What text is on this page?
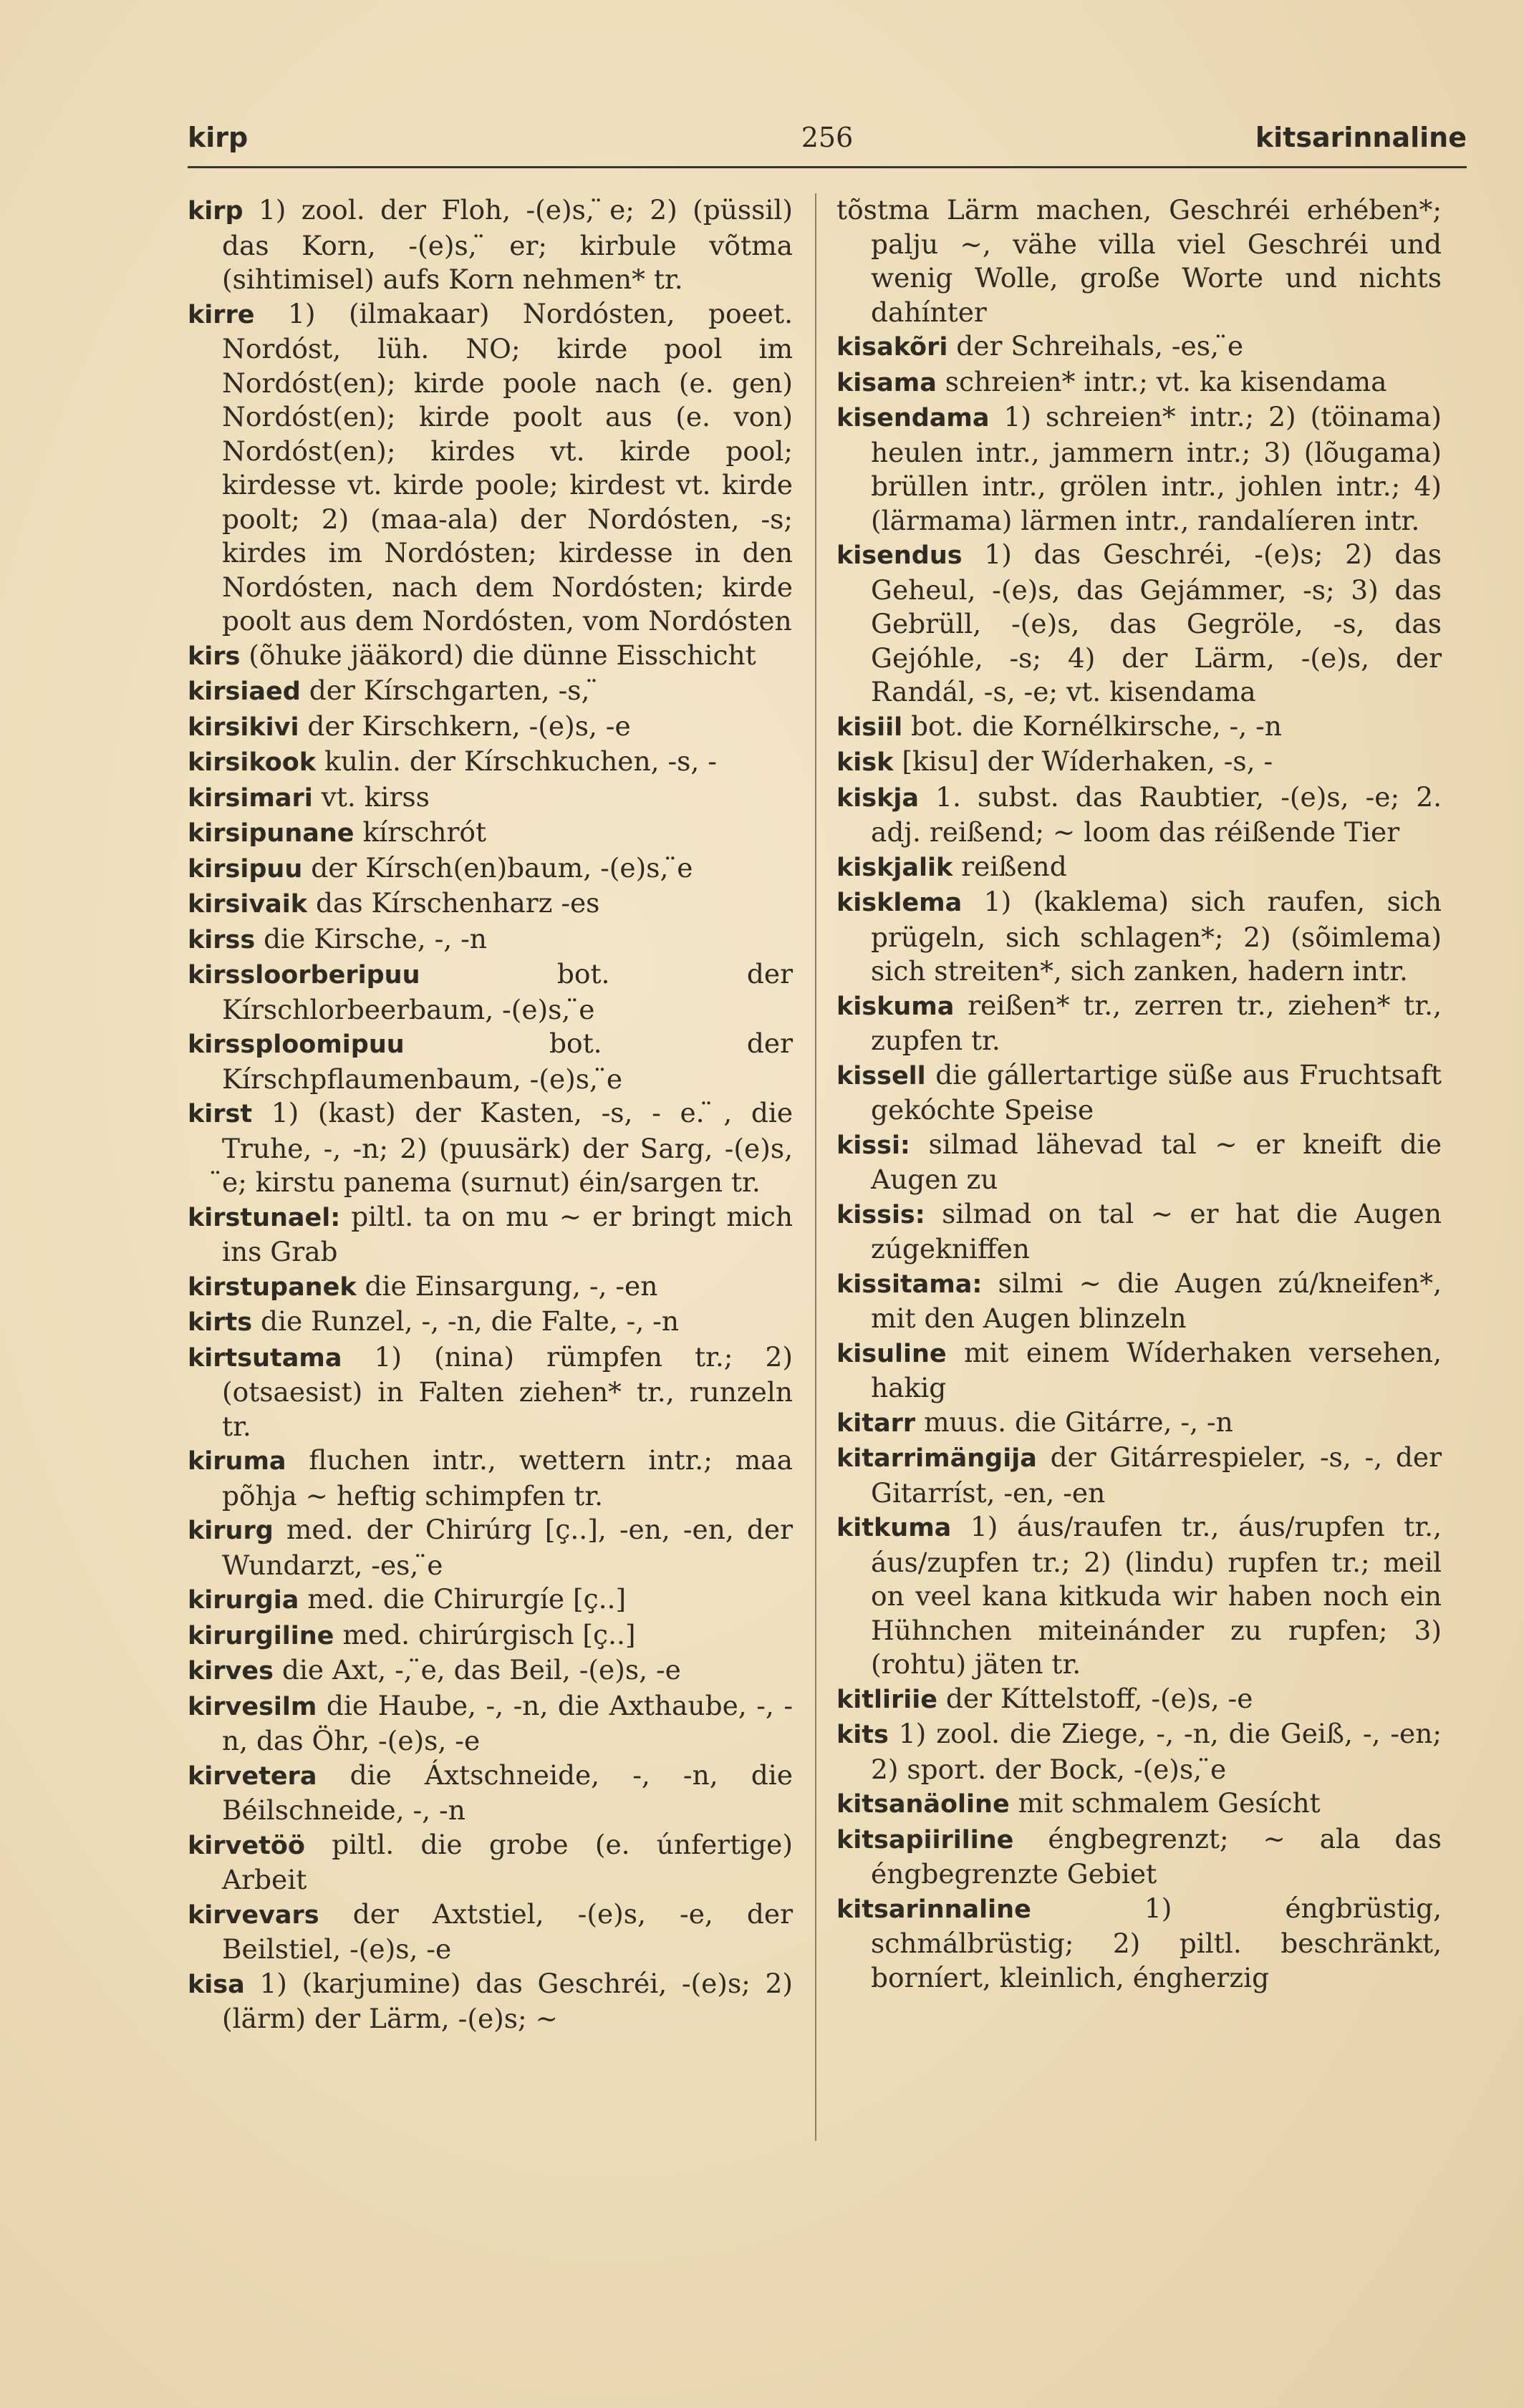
kirp	256	kitsarinnaline

kirp 1) zool. der Floh, -(e)s, ̈e; 2) (püssil) das Korn, -(e)s, ̈er; kirbule võtma (sihtimisel) aufs Korn nehmen* tr.

kirre 1) (ilmakaar) Nordósten, poeet. Nordóst, lüh. NO; kirde pool im Nordóst(en); kirde poole nach (e. gen) Nordóst(en); kirde poolt aus (e. von) Nordóst(en); kirdes vt. kirde pool; kirdesse vt. kirde poole; kirdest vt. kirde poolt; 2) (maa-ala) der Nordósten, -s; kirdes im Nordósten; kirdesse in den Nordósten, nach dem Nordósten; kirde poolt aus dem Nordósten, vom Nordósten

kirs (õhuke jääkord) die dünne Eisschicht

kirsiaed der Kírschgarten, -s, ̈

kirsikivi der Kirschkern, -(e)s, -e

kirsikook kulin. der Kírschkuchen, -s, -

kirsimari vt. kirss

kirsipunane kírschrót

kirsipuu der Kírsch(en)baum, -(e)s, ̈e

kirsivaik das Kírschenharz -es

kirss die Kirsche, -, -n

kirssloorberipuu	bot. der Kírschlorbeerbaum, -(e)s, ̈e

kirssploomipuu	bot. der Kírschpflaumenbaum, -(e)s, ̈e

kirst 1) (kast) der Kasten, -s, - e. ̈, die Truhe, -, -n; 2) (puusärk) der Sarg, -(e)s, ̈e; kirstu panema (surnut) éin/sargen tr.

kirstunael: piltl. ta on mu ~ er bringt mich ins Grab

kirstupanek die Einsargung, -, -en

kirts die Runzel, -, -n, die Falte, -, -n

kirtsutama 1) (nina) rümpfen tr.; 2) (otsaesist) in Falten ziehen* tr., runzeln tr.

kiruma fluchen intr., wettern intr.; maa põhja ~ heftig schimpfen tr.

kirurg med. der Chirúrg [ç..], -en, -en, der Wundarzt, -es, ̈e

kirurgia med. die Chirurgíe [ç..]

kirurgiline med. chirúrgisch [ç..]

kirves die Axt, -, ̈e, das Beil, -(e)s, -e

kirvesilm die Haube, -, -n, die Axthaube, -, -n, das Öhr, -(e)s, -e

kirvetera die Áxtschneide, -, -n, die Béilschneide, -, -n

kirvetöö piltl. die grobe (e. únfertige) Arbeit

kirvevars der Axtstiel, -(e)s, -e, der Beilstiel, -(e)s, -e

kisa 1) (karjumine) das Geschréi, -(e)s; 2) (lärm) der Lärm, -(e)s; ~

tõstma Lärm machen, Geschréi erhében*; palju ~, vähe villa viel Geschréi und wenig Wolle, große Worte und nichts dahínter

kisakõri der Schreihals, -es, ̈e

kisama schreien* intr.; vt. ka kisendama

kisendama 1) schreien* intr.; 2) (töinama) heulen intr., jammern intr.; 3) (lõugama) brüllen intr., grölen intr., johlen intr.; 4) (lärmama) lärmen intr., randalíeren intr.

kisendus 1) das Geschréi, -(e)s; 2) das Geheul, -(e)s, das Gejámmer, -s; 3) das Gebrüll, -(e)s, das Gegröle, -s, das Gejóhle, -s; 4) der Lärm, -(e)s, der Randál, -s, -e; vt. kisendama

kisiil bot. die Kornélkirsche, -, -n

kisk [kisu] der Wíderhaken, -s, -

kiskja 1. subst. das Raubtier, -(e)s, -e; 2. adj. reißend; ~ loom das réißende Tier

kiskjalik reißend

kisklema 1) (kaklema) sich raufen, sich prügeln, sich schlagen*; 2) (sõimlema) sich streiten*, sich zanken, hadern intr.

kiskuma reißen* tr., zerren tr., ziehen* tr., zupfen tr.

kissell die gállertartige süße aus Fruchtsaft gekóchte Speise

kissi: silmad lähevad tal ~ er kneift die Augen zu

kissis: silmad on tal ~ er hat die Augen zúgekniffen

kissitama: silmi ~ die Augen zú/kneifen*, mit den Augen blinzeln

kisuline mit einem Wíderhaken versehen, hakig

kitarr muus. die Gitárre, -, -n

kitarrimängija der Gitárrespieler, -s, -, der Gitarríst, -en, -en

kitkuma 1) áus/raufen tr., áus/rupfen tr., áus/zupfen tr.; 2) (lindu) rupfen tr.; meil on veel kana kitkuda wir haben noch ein Hühnchen miteinánder zu rupfen; 3) (rohtu) jäten tr.

kitliriie der Kíttelstoff, -(e)s, -e

kits 1) zool. die Ziege, -, -n, die Geiß, -, -en; 2) sport. der Bock, -(e)s, ̈e

kitsanäoline mit schmalem Gesícht

kitsapiiriline éngbegrenzt; ~ ala das éngbegrenzte Gebiet

kitsarinnaline	1) éngbrüstig, schmálbrüstig; 2) piltl. beschränkt, borníert, kleinlich, éngherzig
